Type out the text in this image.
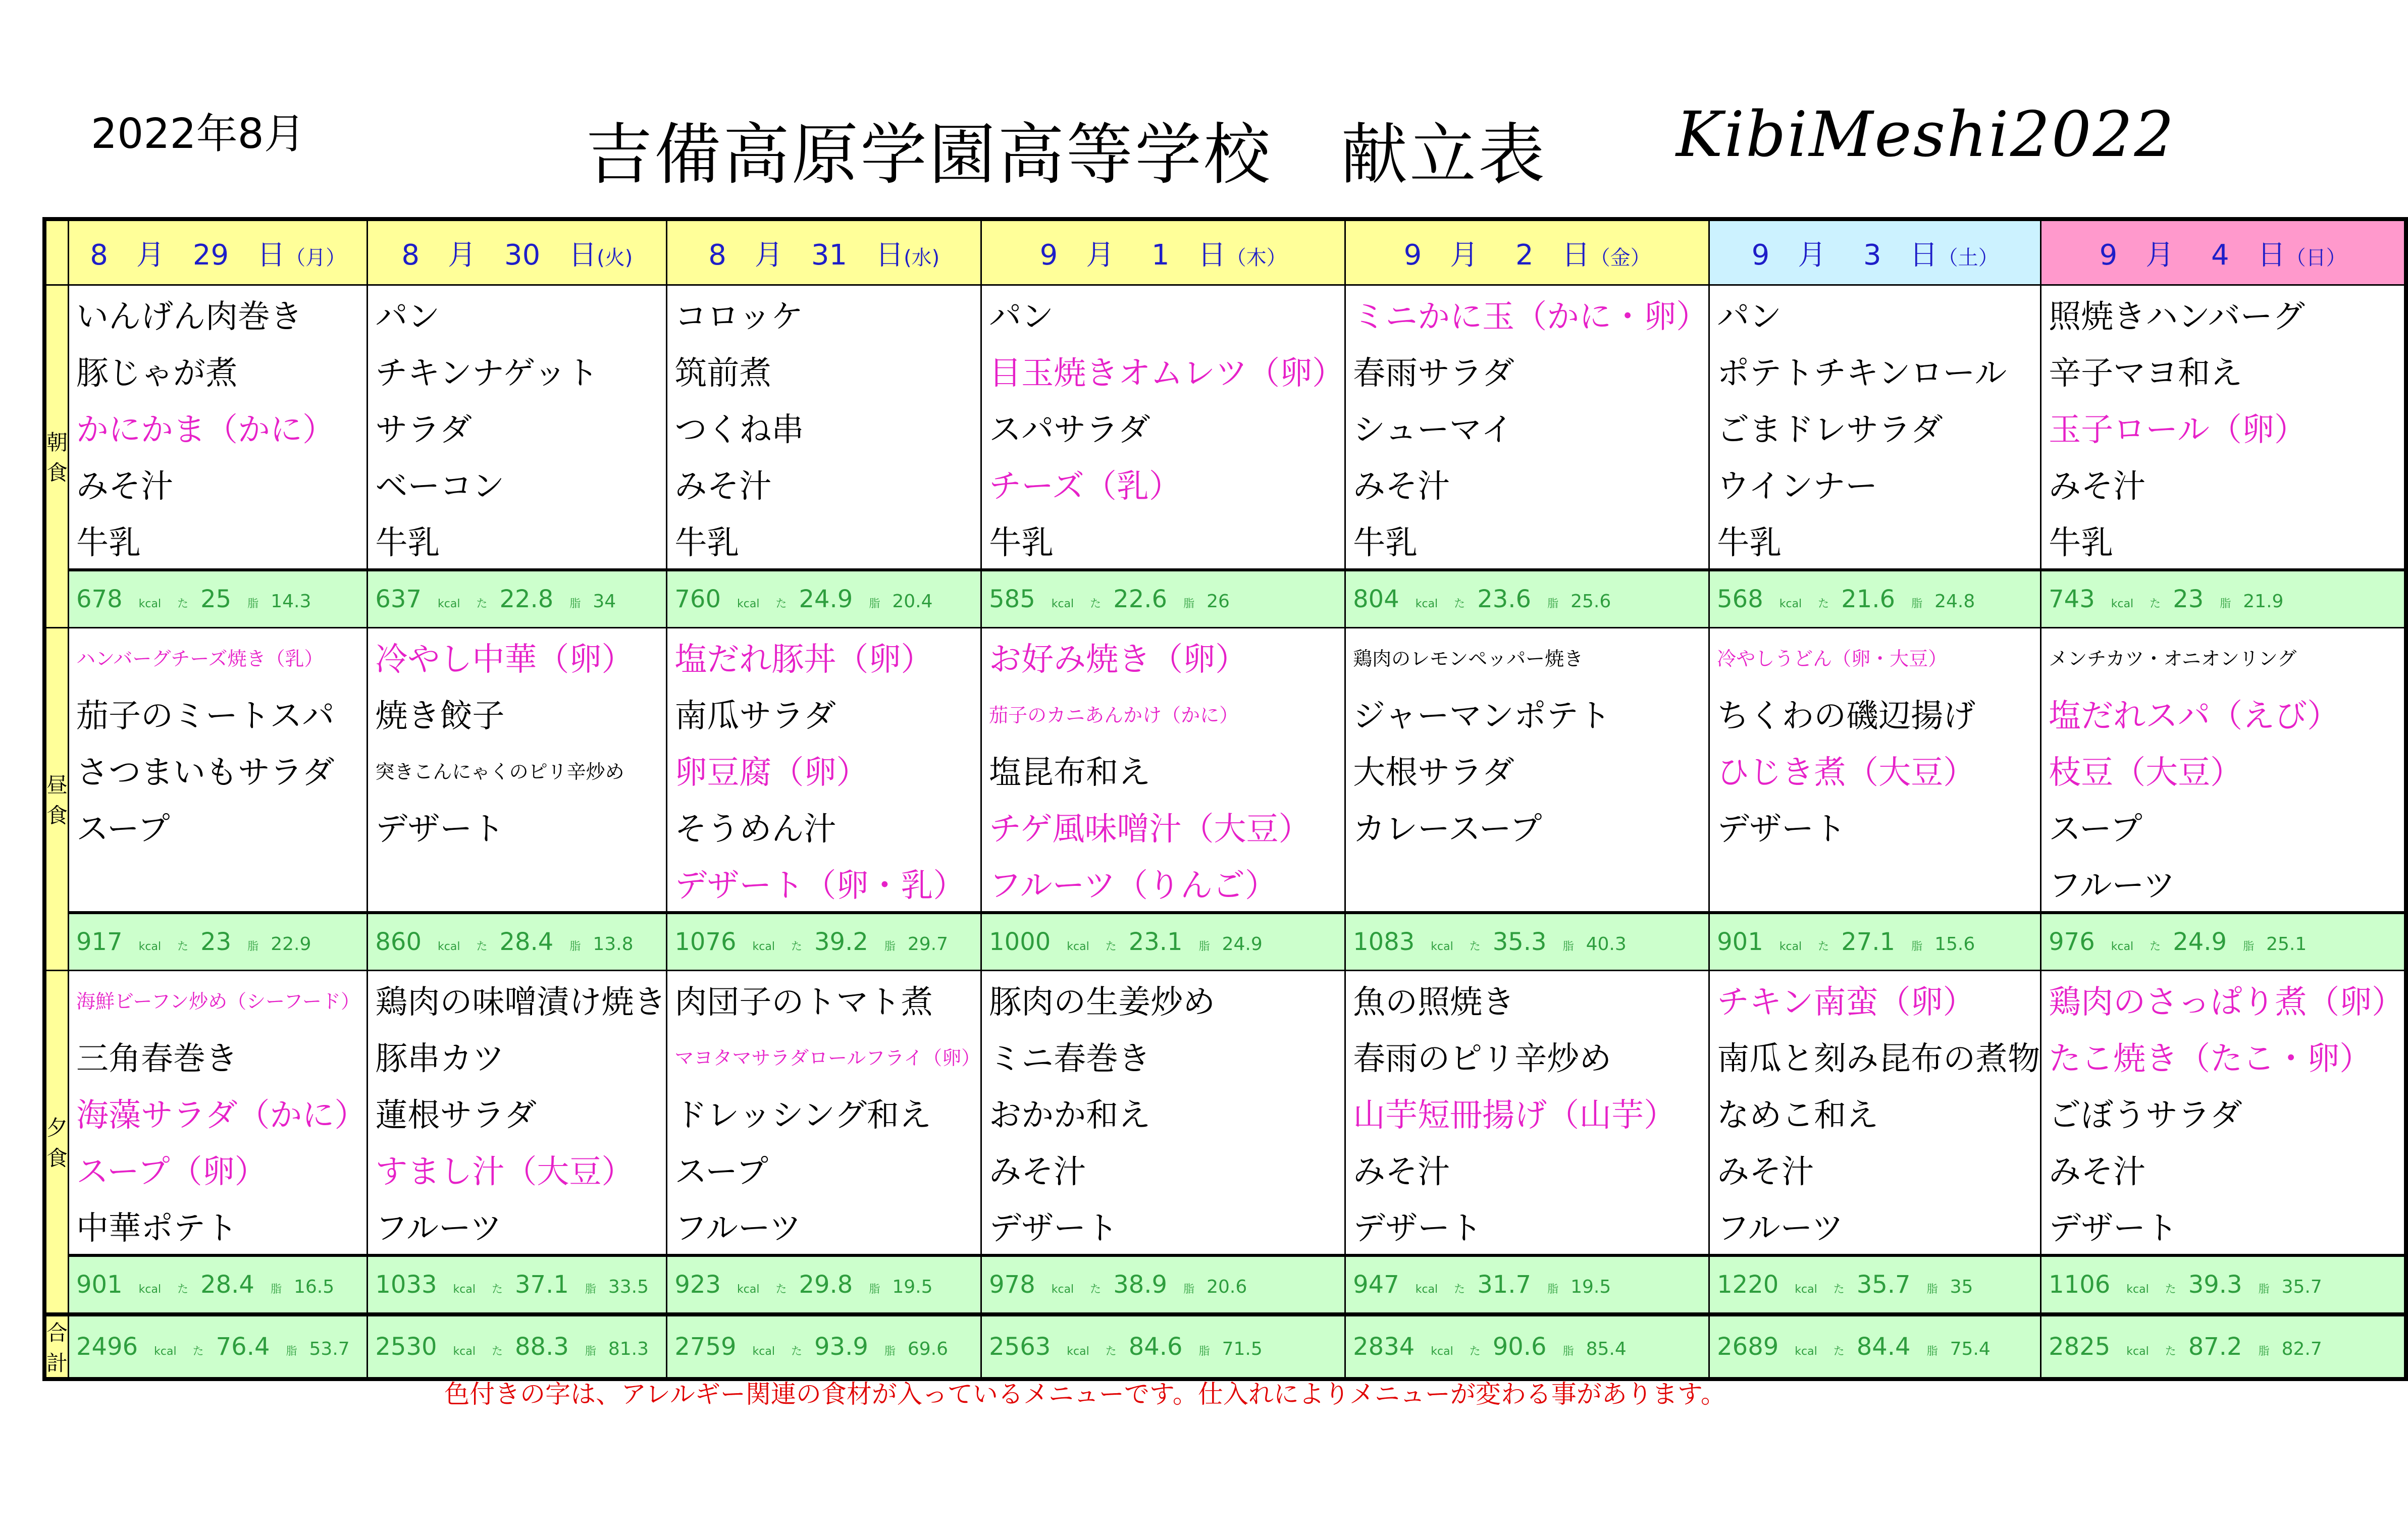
2022年8月	吉備高原学園高等学校　献立表 KibiMeshi2022
	8　月　29　日（月）	8　月　30　日(火)	8　月　31　日(水)	9　月　 1　日（木）	9　月　 2　日（金）	9　月　 3　日（土）	9　月　 4　日（日）
朝食	いんげん肉巻き	パン	コロッケ	パン	ミニかに玉（かに・卵）	パン	照焼きハンバーグ
	豚じゃが煮	チキンナゲット	筑前煮	目玉焼きオムレツ（卵）	春雨サラダ	ポテトチキンロール	辛子マヨ和え
	かにかま（かに）	サラダ	つくね串	スパサラダ	シューマイ	ごまドレサラダ	玉子ロール（卵）
	みそ汁	ベーコン	みそ汁	チーズ（乳）	みそ汁	ウインナー	みそ汁
	牛乳	牛乳	牛乳	牛乳	牛乳	牛乳	牛乳
	678 kcal た 25 脂 14.3	637 kcal た 22.8 脂 34	760 kcal た 24.9 脂 20.4	585 kcal た 22.6 脂 26	804 kcal た 23.6 脂 25.6	568 kcal た 21.6 脂 24.8	743 kcal た 23 脂 21.9
昼食	ハンバーグチーズ焼き（乳）	冷やし中華（卵）	塩だれ豚丼（卵）	お好み焼き（卵）	鶏肉のレモンペッパー焼き	冷やしうどん（卵・大豆）	メンチカツ・オニオンリング
	茄子のミートスパ	焼き餃子	南瓜サラダ	茄子のカニあんかけ（かに）	ジャーマンポテト	ちくわの磯辺揚げ	塩だれスパ（えび）
	さつまいもサラダ	突きこんにゃくのピリ辛炒め	卵豆腐（卵）	塩昆布和え	大根サラダ	ひじき煮（大豆）	枝豆（大豆）
	スープ	デザート	そうめん汁	チゲ風味噌汁（大豆）	カレースープ	デザート	スープ
			デザート（卵・乳）	フルーツ（りんご）			フルーツ
	917 kcal た 23 脂 22.9	860 kcal た 28.4 脂 13.8	1076 kcal た 39.2 脂 29.7	1000 kcal た 23.1 脂 24.9	1083 kcal た 35.3 脂 40.3	901 kcal た 27.1 脂 15.6	976 kcal た 24.9 脂 25.1
夕食	海鮮ビーフン炒め（シーフード）	鶏肉の味噌漬け焼き	肉団子のトマト煮	豚肉の生姜炒め	魚の照焼き	チキン南蛮（卵）	鶏肉のさっぱり煮（卵）
	三角春巻き	豚串カツ	マヨタマサラダロールフライ（卵）	ミニ春巻き	春雨のピリ辛炒め	南瓜と刻み昆布の煮物	たこ焼き（たこ・卵）
	海藻サラダ（かに）	蓮根サラダ	ドレッシング和え	おかか和え	山芋短冊揚げ（山芋）	なめこ和え	ごぼうサラダ
	スープ（卵）	すまし汁（大豆）	スープ	みそ汁	みそ汁	みそ汁	みそ汁
	中華ポテト	フルーツ	フルーツ	デザート	デザート	フルーツ	デザート
	901 kcal た 28.4 脂 16.5	1033 kcal た 37.1 脂 33.5	923 kcal た 29.8 脂 19.5	978 kcal た 38.9 脂 20.6	947 kcal た 31.7 脂 19.5	1220 kcal た 35.7 脂 35	1106 kcal た 39.3 脂 35.7
合計	2496 kcal た 76.4 脂 53.7	2530 kcal た 88.3 脂 81.3	2759 kcal た 93.9 脂 69.6	2563 kcal た 84.6 脂 71.5	2834 kcal た 90.6 脂 85.4	2689 kcal た 84.4 脂 75.4	2825 kcal た 87.2 脂 82.7
色付きの字は、アレルギー関連の食材が入っているメニューです。仕入れによりメニューが変わる事があります。
